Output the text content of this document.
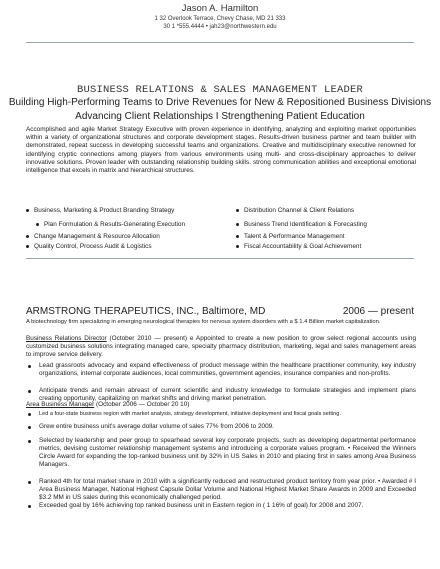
Jason A. Hamilton
1 32 Overlook Terrace, Chevy Chase, MD 21 333
30 1 *555.4444 • jah23@northwestern.edu
BUSINESS RELATIONS & SALES MANAGEMENT LEADER
Building High-Performing Teams to Drive Revenues for New & Repositioned Business Divisions
Advancing Client Relationships I Strengthening Patient Education
Accomplished and agile Market Strategy Executive with proven experience in identifying, analyzing and exploiting market opportunities within a variety of organizational structures and corporate development stages. Results-driven business partner and team builder with demonstrated, repeat success in developing successful teams and organizations. Creative and multidisciplinary executive renowned for identifying cryptic connections among players from various environments using multi- and cross-disciplinary approaches to deliver innovative solutions. Proven leader with outstanding relationship building skills. strong communication abilities and exceptional emotional intelligence that excels in matrix and hierarchical structures.
Business, Marketing & Product Branding Strategy
Plan Formulation & Results-Generating Execution
Change Management & Resource Allocation
Quality Control, Process Audit & Logistics
Distribution Channel & Client Relations
Business Trend Identification & Forecasting
Talent & Performance Management
Fiscal Accountability & Goal Achievement
ARMSTRONG THERAPEUTICS, INC., Baltimore, MD	2006 — present
A biotechnology firm specializing in emerging neurological therapies for nervous system disorders with a $ 1.4 Billion market capitalization.
Business Relations Director (October 2010 — present) e Appointed to create a new position to grow select regional accounts using customized business solutions integrating managed care, specialty pharmacy distribution, marketing, legal and sales management areas to improve service delivery.
Lead grassroots advocacy and expand effectiveness of product message within the healthcare practitioner community, key industry organizations, internal corporate audiences, local communities, government agencies, insurance companies and non-profits.
Anticipate trends and remain abreast of current scientific and industry knowledge to formulate strategies and implement plans creating opportunity, capitalizing on market shifts and driving market penetration.
Area Business Manager (October 2006 — October 20 10)
Led a four-state business region with market analysis, strategy development, initiative deployment and fiscal goals setting.
Grew entire business unit's average dollar volume of sales 77% from 2006 to 2009.
Selected by leadership and peer group to spearhead several key corporate projects, such as developing departmental performance metrics, devising customer relationship management systems and introducing a corporate values program. • Received the Winners Circle Award for expanding the top-ranked business unit by 32% in US Sales in 2010 and placing first in sales among Area Business Managers.
Ranked 4th for total market share in 2010 with a significantly reduced and restructured product territory from year prior. • Awarded # I Area Business Manager, National Highest Capsule Dollar Volume and National Highest Market Share Awards in 2009 and Exceeded $3.2 MM in US sales during this economically challenged period.
Exceeded goal by 16% achieving top ranked business unit in Eastern region in ( 1 16% of goal) for 2008 and 2007.
